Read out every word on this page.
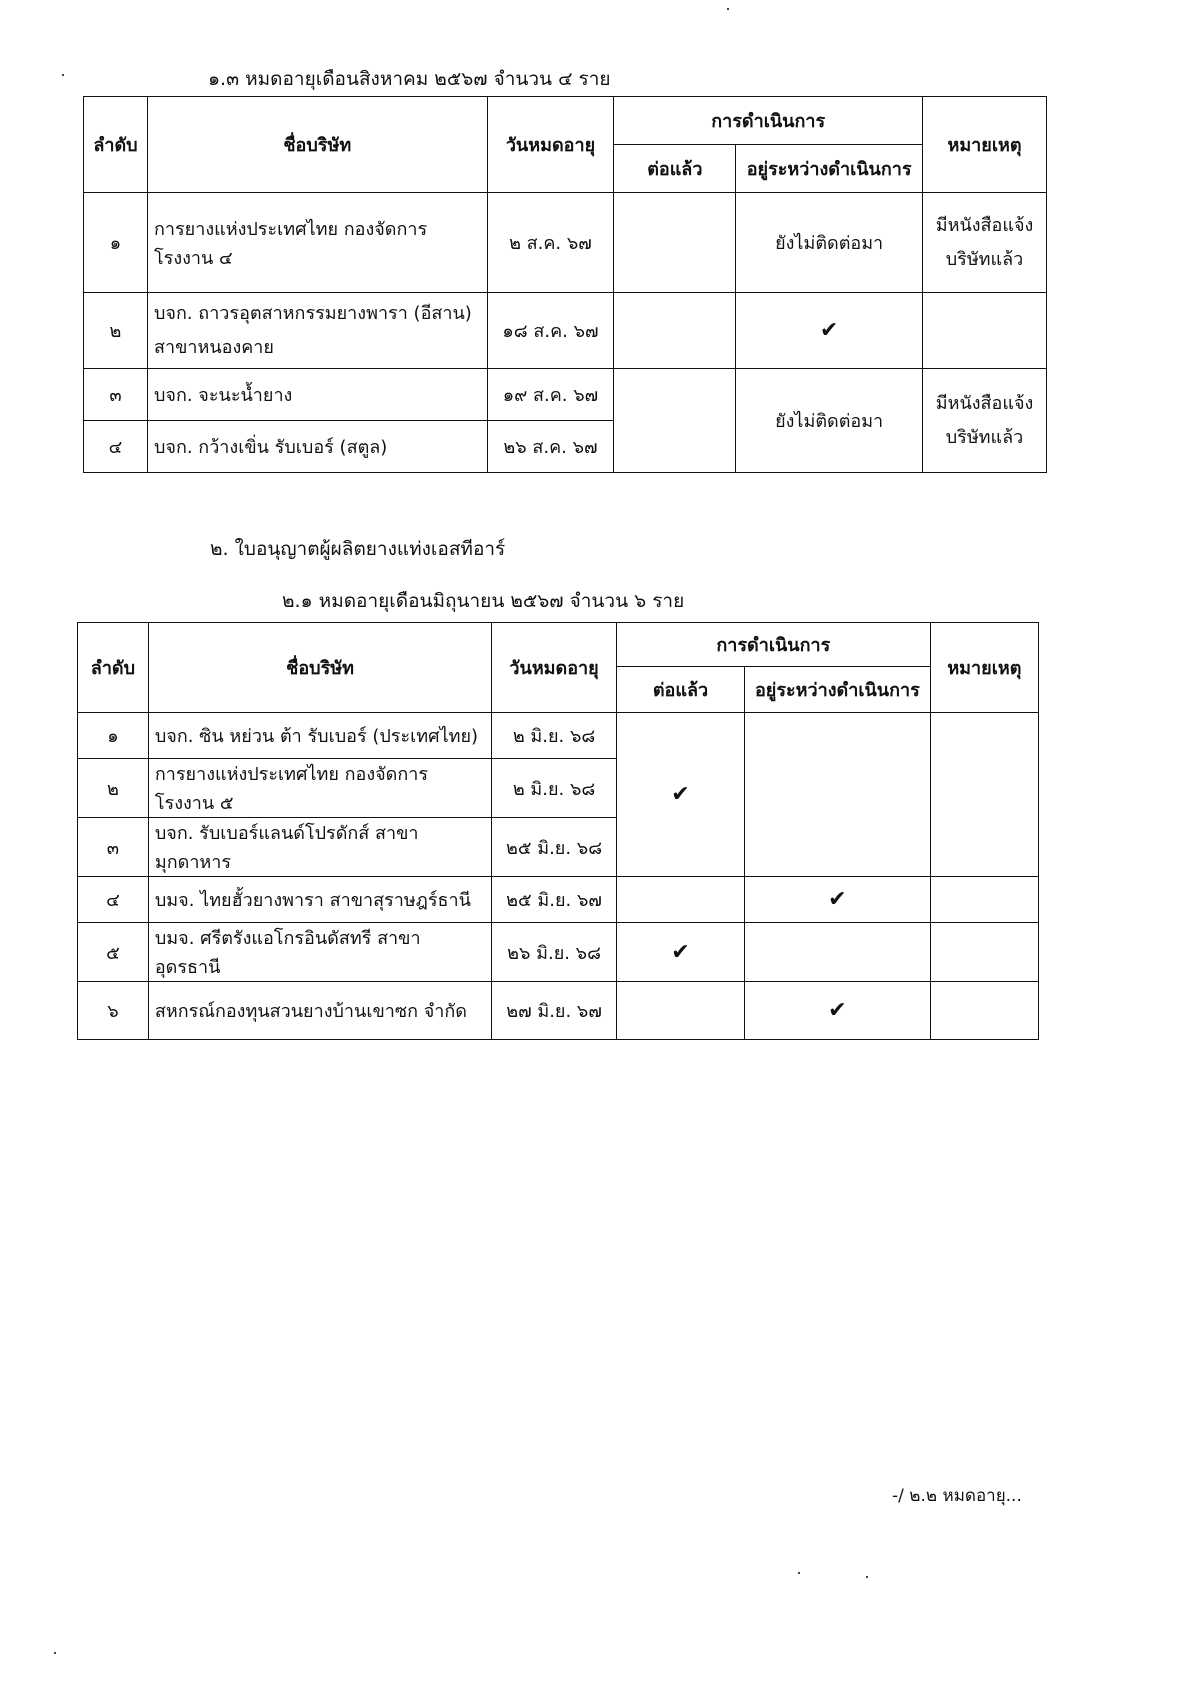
๑.๓ หมดอายุเดือนสิงหาคม ๒๕๖๗ จำนวน ๔ ราย
ลำดับ	ชื่อบริษัท	วันหมดอายุ	การดำเนินการ		หมายเหตุ
			ต่อแล้ว	อยู่ระหว่างดำเนินการ	
๑	การยางแห่งประเทศไทย กองจัดการโรงงาน ๔	๒ ส.ค. ๖๗		ยังไม่ติดต่อมา	มีหนังสือแจ้ง
บริษัทแล้ว

๒	บจก. ถาวรอุตสาหกรรมยางพารา (อีสาน)
สาขาหนองคาย	๑๘ ส.ค. ๖๗		✔	
๓	บจก. จะนะน้ำยาง	๑๙ ส.ค. ๖๗		ยังไม่ติดต่อมา	มีหนังสือแจ้ง
บริษัทแล้ว

๔	บจก. กว้างเขิ่น รับเบอร์ (สตูล)	๒๖ ส.ค. ๖๗			
๒. ใบอนุญาตผู้ผลิตยางแท่งเอสทีอาร์
๒.๑ หมดอายุเดือนมิถุนายน ๒๕๖๗ จำนวน ๖ ราย
ลำดับ	ชื่อบริษัท	วันหมดอายุ	การดำเนินการ		หมายเหตุ
			ต่อแล้ว	อยู่ระหว่างดำเนินการ	
๑	บจก. ซิน หย่วน ต้า รับเบอร์ (ประเทศไทย)	๒ มิ.ย. ๖๘	✔		
๒	การยางแห่งประเทศไทย กองจัดการโรงงาน ๕	๒ มิ.ย. ๖๘			
๓	บจก. รับเบอร์แลนด์โปรดักส์ สาขามุกดาหาร	๒๕ มิ.ย. ๖๘			
๔	บมจ. ไทยฮั้วยางพารา สาขาสุราษฎร์ธานี	๒๕ มิ.ย. ๖๗		✔	
๕	บมจ. ศรีตรังแอโกรอินดัสทรี สาขาอุดรธานี	๒๖ มิ.ย. ๖๘	✔		
๖	สหกรณ์กองทุนสวนยางบ้านเขาซก จำกัด	๒๗ มิ.ย. ๖๗		✔	
-/ ๒.๒ หมดอายุ...
